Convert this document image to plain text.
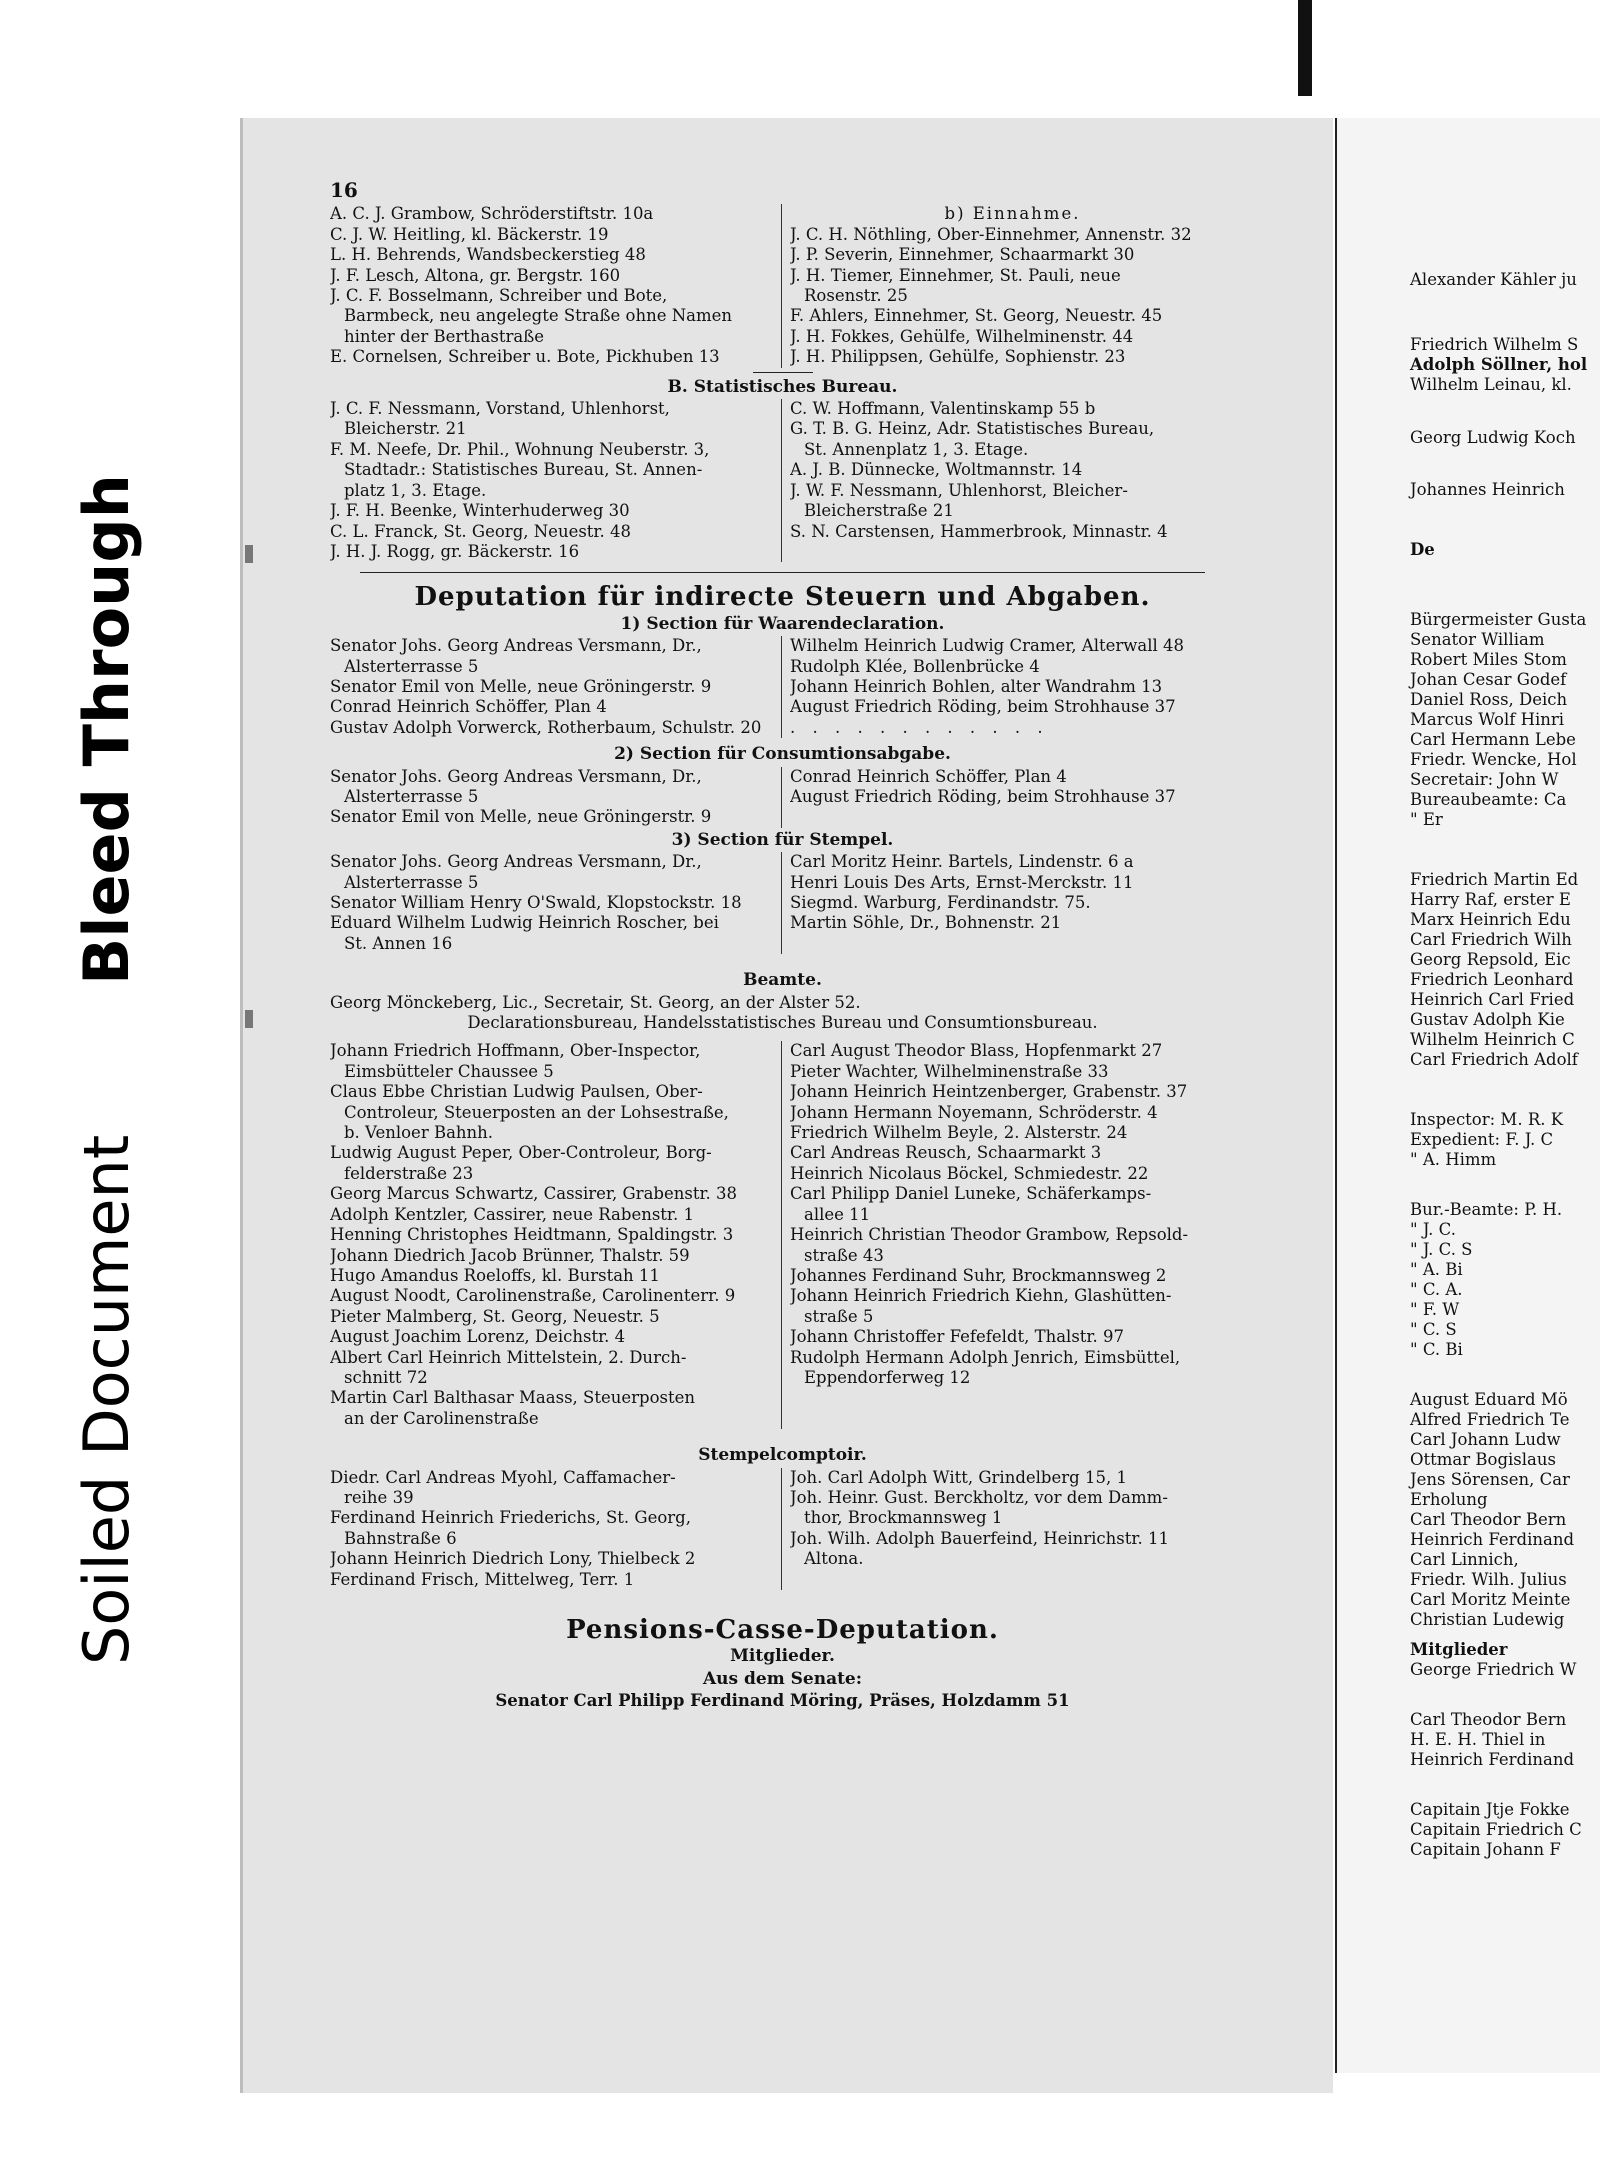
Soiled Document
Bleed Through
16
A. C. J. Grambow, Schröderstiftstr. 10a
C. J. W. Heitling, kl. Bäckerstr. 19
L. H. Behrends, Wandsbeckerstieg 48
J. F. Lesch, Altona, gr. Bergstr. 160
J. C. F. Bosselmann, Schreiber und Bote,
Barmbeck, neu angelegte Straße ohne Namen
hinter der Berthastraße
E. Cornelsen, Schreiber u. Bote, Pickhuben 13
b) Einnahme.
J. C. H. Nöthling, Ober-Einnehmer, Annenstr. 32
J. P. Severin, Einnehmer, Schaarmarkt 30
J. H. Tiemer, Einnehmer, St. Pauli, neue
Rosenstr. 25
F. Ahlers, Einnehmer, St. Georg, Neuestr. 45
J. H. Fokkes, Gehülfe, Wilhelminenstr. 44
J. H. Philippsen, Gehülfe, Sophienstr. 23
B. Statistisches Bureau.
J. C. F. Nessmann, Vorstand, Uhlenhorst,
Bleicherstr. 21
F. M. Neefe, Dr. Phil., Wohnung Neuberstr. 3,
Stadtadr.: Statistisches Bureau, St. Annen-
platz 1, 3. Etage.
J. F. H. Beenke, Winterhuderweg 30
C. L. Franck, St. Georg, Neuestr. 48
J. H. J. Rogg, gr. Bäckerstr. 16
C. W. Hoffmann, Valentinskamp 55 b
G. T. B. G. Heinz, Adr. Statistisches Bureau,
St. Annenplatz 1, 3. Etage.
A. J. B. Dünnecke, Woltmannstr. 14
J. W. F. Nessmann, Uhlenhorst, Bleicher-
Bleicherstraße 21
S. N. Carstensen, Hammerbrook, Minnastr. 4
Deputation für indirecte Steuern und Abgaben.
1) Section für Waarendeclaration.
Senator Johs. Georg Andreas Versmann, Dr.,
Alsterterrasse 5
Senator Emil von Melle, neue Gröningerstr. 9
Conrad Heinrich Schöffer, Plan 4
Gustav Adolph Vorwerck, Rotherbaum, Schulstr. 20
Wilhelm Heinrich Ludwig Cramer, Alterwall 48
Rudolph Klée, Bollenbrücke 4
Johann Heinrich Bohlen, alter Wandrahm 13
August Friedrich Röding, beim Strohhause 37
. . . . . . . . . . . .
2) Section für Consumtionsabgabe.
Senator Johs. Georg Andreas Versmann, Dr.,
Alsterterrasse 5
Senator Emil von Melle, neue Gröningerstr. 9
Conrad Heinrich Schöffer, Plan 4
August Friedrich Röding, beim Strohhause 37
3) Section für Stempel.
Senator Johs. Georg Andreas Versmann, Dr.,
Alsterterrasse 5
Senator William Henry O'Swald, Klopstockstr. 18
Eduard Wilhelm Ludwig Heinrich Roscher, bei
St. Annen 16
Carl Moritz Heinr. Bartels, Lindenstr. 6 a
Henri Louis Des Arts, Ernst-Merckstr. 11
Siegmd. Warburg, Ferdinandstr. 75.
Martin Söhle, Dr., Bohnenstr. 21
Beamte.
Georg Mönckeberg, Lic., Secretair, St. Georg, an der Alster 52.
Declarationsbureau, Handelsstatistisches Bureau und Consumtionsbureau.
Johann Friedrich Hoffmann, Ober-Inspector,
Eimsbütteler Chaussee 5
Claus Ebbe Christian Ludwig Paulsen, Ober-
Controleur, Steuerposten an der Lohsestraße,
b. Venloer Bahnh.
Ludwig August Peper, Ober-Controleur, Borg-
felderstraße 23
Georg Marcus Schwartz, Cassirer, Grabenstr. 38
Adolph Kentzler, Cassirer, neue Rabenstr. 1
Henning Christophes Heidtmann, Spaldingstr. 3
Johann Diedrich Jacob Brünner, Thalstr. 59
Hugo Amandus Roeloffs, kl. Burstah 11
August Noodt, Carolinenstraße, Carolinenterr. 9
Pieter Malmberg, St. Georg, Neuestr. 5
August Joachim Lorenz, Deichstr. 4
Albert Carl Heinrich Mittelstein, 2. Durch-
schnitt 72
Martin Carl Balthasar Maass, Steuerposten
an der Carolinenstraße
Carl August Theodor Blass, Hopfenmarkt 27
Pieter Wachter, Wilhelminenstraße 33
Johann Heinrich Heintzenberger, Grabenstr. 37
Johann Hermann Noyemann, Schröderstr. 4
Friedrich Wilhelm Beyle, 2. Alsterstr. 24
Carl Andreas Reusch, Schaarmarkt 3
Heinrich Nicolaus Böckel, Schmiedestr. 22
Carl Philipp Daniel Luneke, Schäferkamps-
allee 11
Heinrich Christian Theodor Grambow, Repsold-
straße 43
Johannes Ferdinand Suhr, Brockmannsweg 2
Johann Heinrich Friedrich Kiehn, Glashütten-
straße 5
Johann Christoffer Fefefeldt, Thalstr. 97
Rudolph Hermann Adolph Jenrich, Eimsbüttel,
Eppendorferweg 12
Stempelcomptoir.
Diedr. Carl Andreas Myohl, Caffamacher-
reihe 39
Ferdinand Heinrich Friederichs, St. Georg,
Bahnstraße 6
Johann Heinrich Diedrich Lony, Thielbeck 2
Ferdinand Frisch, Mittelweg, Terr. 1
Joh. Carl Adolph Witt, Grindelberg 15, 1
Joh. Heinr. Gust. Berckholtz, vor dem Damm-
thor, Brockmannsweg 1
Joh. Wilh. Adolph Bauerfeind, Heinrichstr. 11
Altona.
Pensions-Casse-Deputation.
Mitglieder.
Aus dem Senate:
Senator Carl Philipp Ferdinand Möring, Präses, Holzdamm 51
Alexander Kähler ju
Friedrich Wilhelm S
Adolph Söllner, hol
Wilhelm Leinau, kl.
Georg Ludwig Koch
Johannes Heinrich
De
Bürgermeister Gusta
Senator William
Robert Miles Stom
Johan Cesar Godef
Daniel Ross, Deich
Marcus Wolf Hinri
Carl Hermann Lebe
Friedr. Wencke, Hol
Secretair: John W
Bureaubeamte: Ca
" Er
Friedrich Martin Ed
Harry Raf, erster E
Marx Heinrich Edu
Carl Friedrich Wilh
Georg Repsold, Eic
Friedrich Leonhard
Heinrich Carl Fried
Gustav Adolph Kie
Wilhelm Heinrich C
Carl Friedrich Adolf
Inspector: M. R. K
Expedient: F. J. C
" A. Himm
Bur.-Beamte: P. H.
" J. C.
" J. C. S
" A. Bi
" C. A.
" F. W
" C. S
" C. Bi
August Eduard Mö
Alfred Friedrich Te
Carl Johann Ludw
Ottmar Bogislaus
Jens Sörensen, Car
Erholung
Carl Theodor Bern
Heinrich Ferdinand
Carl Linnich,
Friedr. Wilh. Julius
Carl Moritz Meinte
Christian Ludewig
Mitglieder
George Friedrich W
Carl Theodor Bern
H. E. H. Thiel in
Heinrich Ferdinand
Capitain Jtje Fokke
Capitain Friedrich C
Capitain Johann F
